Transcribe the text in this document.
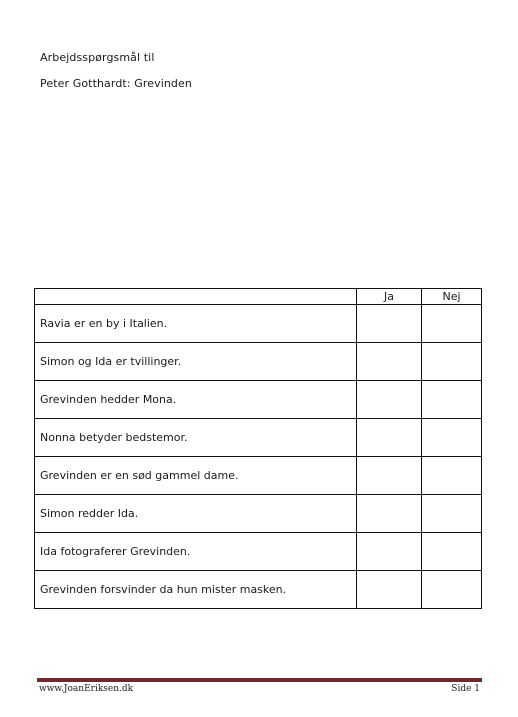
Arbejdsspørgsmål til
Peter Gotthardt: Grevinden
	Ja	Nej
Ravia er en by i Italien.		
Simon og Ida er tvillinger.		
Grevinden hedder Mona.		
Nonna betyder bedstemor.		
Grevinden er en sød gammel dame.		
Simon redder Ida.		
Ida fotograferer Grevinden.		
Grevinden forsvinder da hun mister masken.		
www.JoanEriksen.dk	Side 1
